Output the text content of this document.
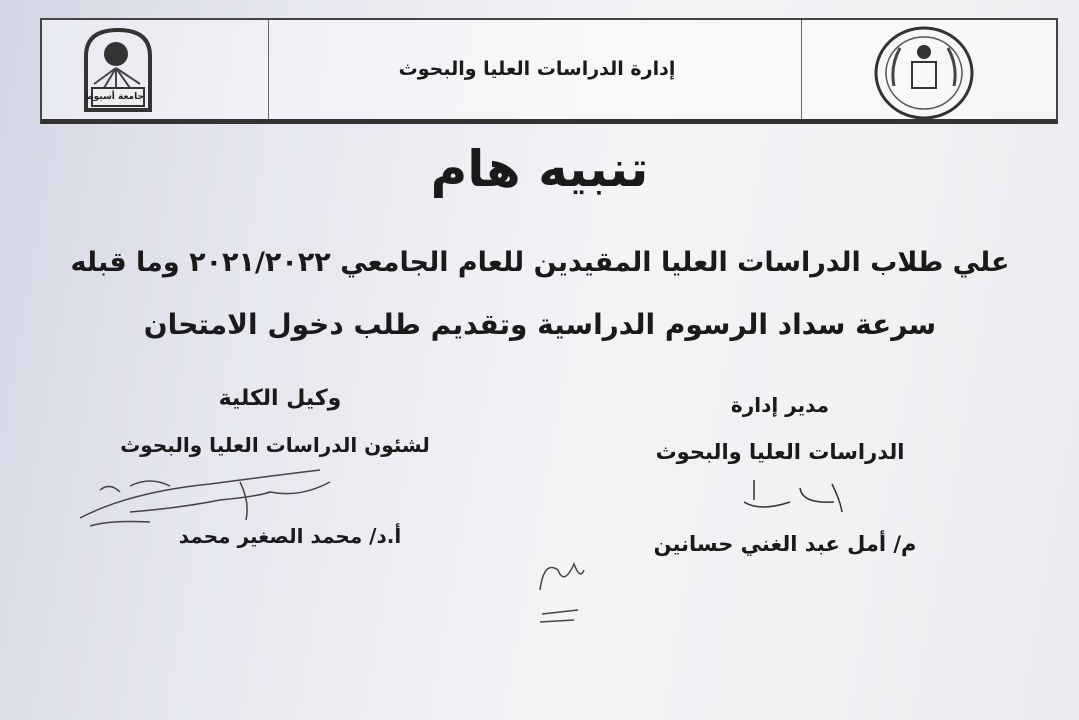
جامعة أسيوط
إدارة الدراسات العليا والبحوث
تنبيه هام
علي طلاب الدراسات العليا المقيدين للعام الجامعي ٢٠٢١/٢٠٢٢ وما قبله
سرعة سداد الرسوم الدراسية وتقديم طلب دخول الامتحان
مدير إدارة
الدراسات العليا والبحوث
م/ أمل عبد الغني حسانين
وكيل الكلية
لشئون الدراسات العليا والبحوث
أ.د/ محمد الصغير محمد
